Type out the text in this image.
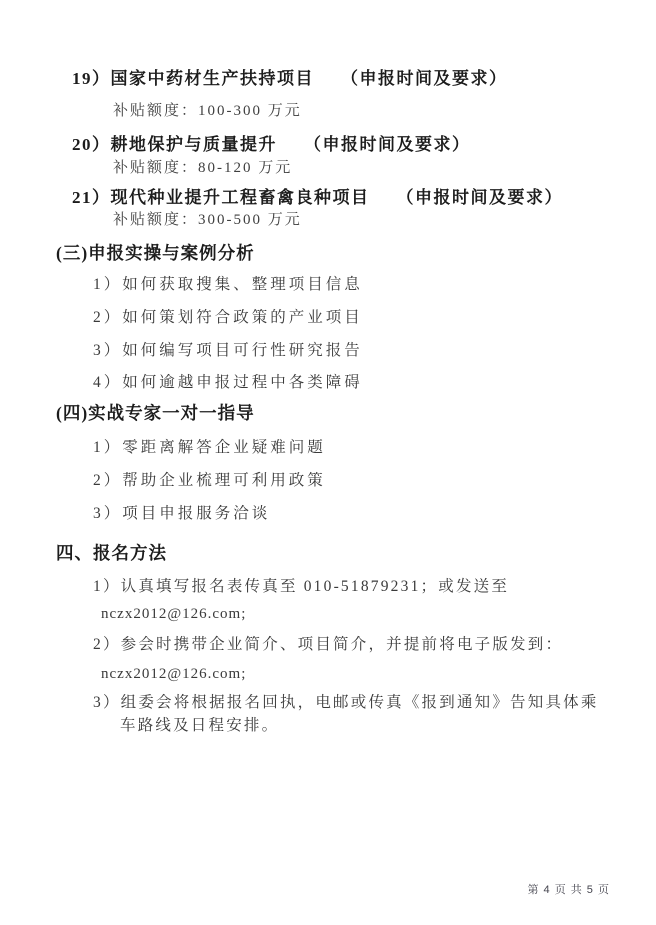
19）国家中药材生产扶持项目 （申报时间及要求）
补贴额度：100-300 万元
20）耕地保护与质量提升 （申报时间及要求）
补贴额度：80-120 万元
21）现代种业提升工程畜禽良种项目 （申报时间及要求）
补贴额度：300-500 万元
(三)申报实操与案例分析
1）如何获取搜集、整理项目信息
2）如何策划符合政策的产业项目
3）如何编写项目可行性研究报告
4）如何逾越申报过程中各类障碍
(四)实战专家一对一指导
1）零距离解答企业疑难问题
2）帮助企业梳理可利用政策
3）项目申报服务洽谈
四、报名方法
1）认真填写报名表传真至 010-51879231；或发送至
nczx2012@126.com;
2）参会时携带企业简介、项目简介，并提前将电子版发到：
nczx2012@126.com;
3）组委会将根据报名回执，电邮或传真《报到通知》告知具体乘
车路线及日程安排。
第 4 页 共 5 页
